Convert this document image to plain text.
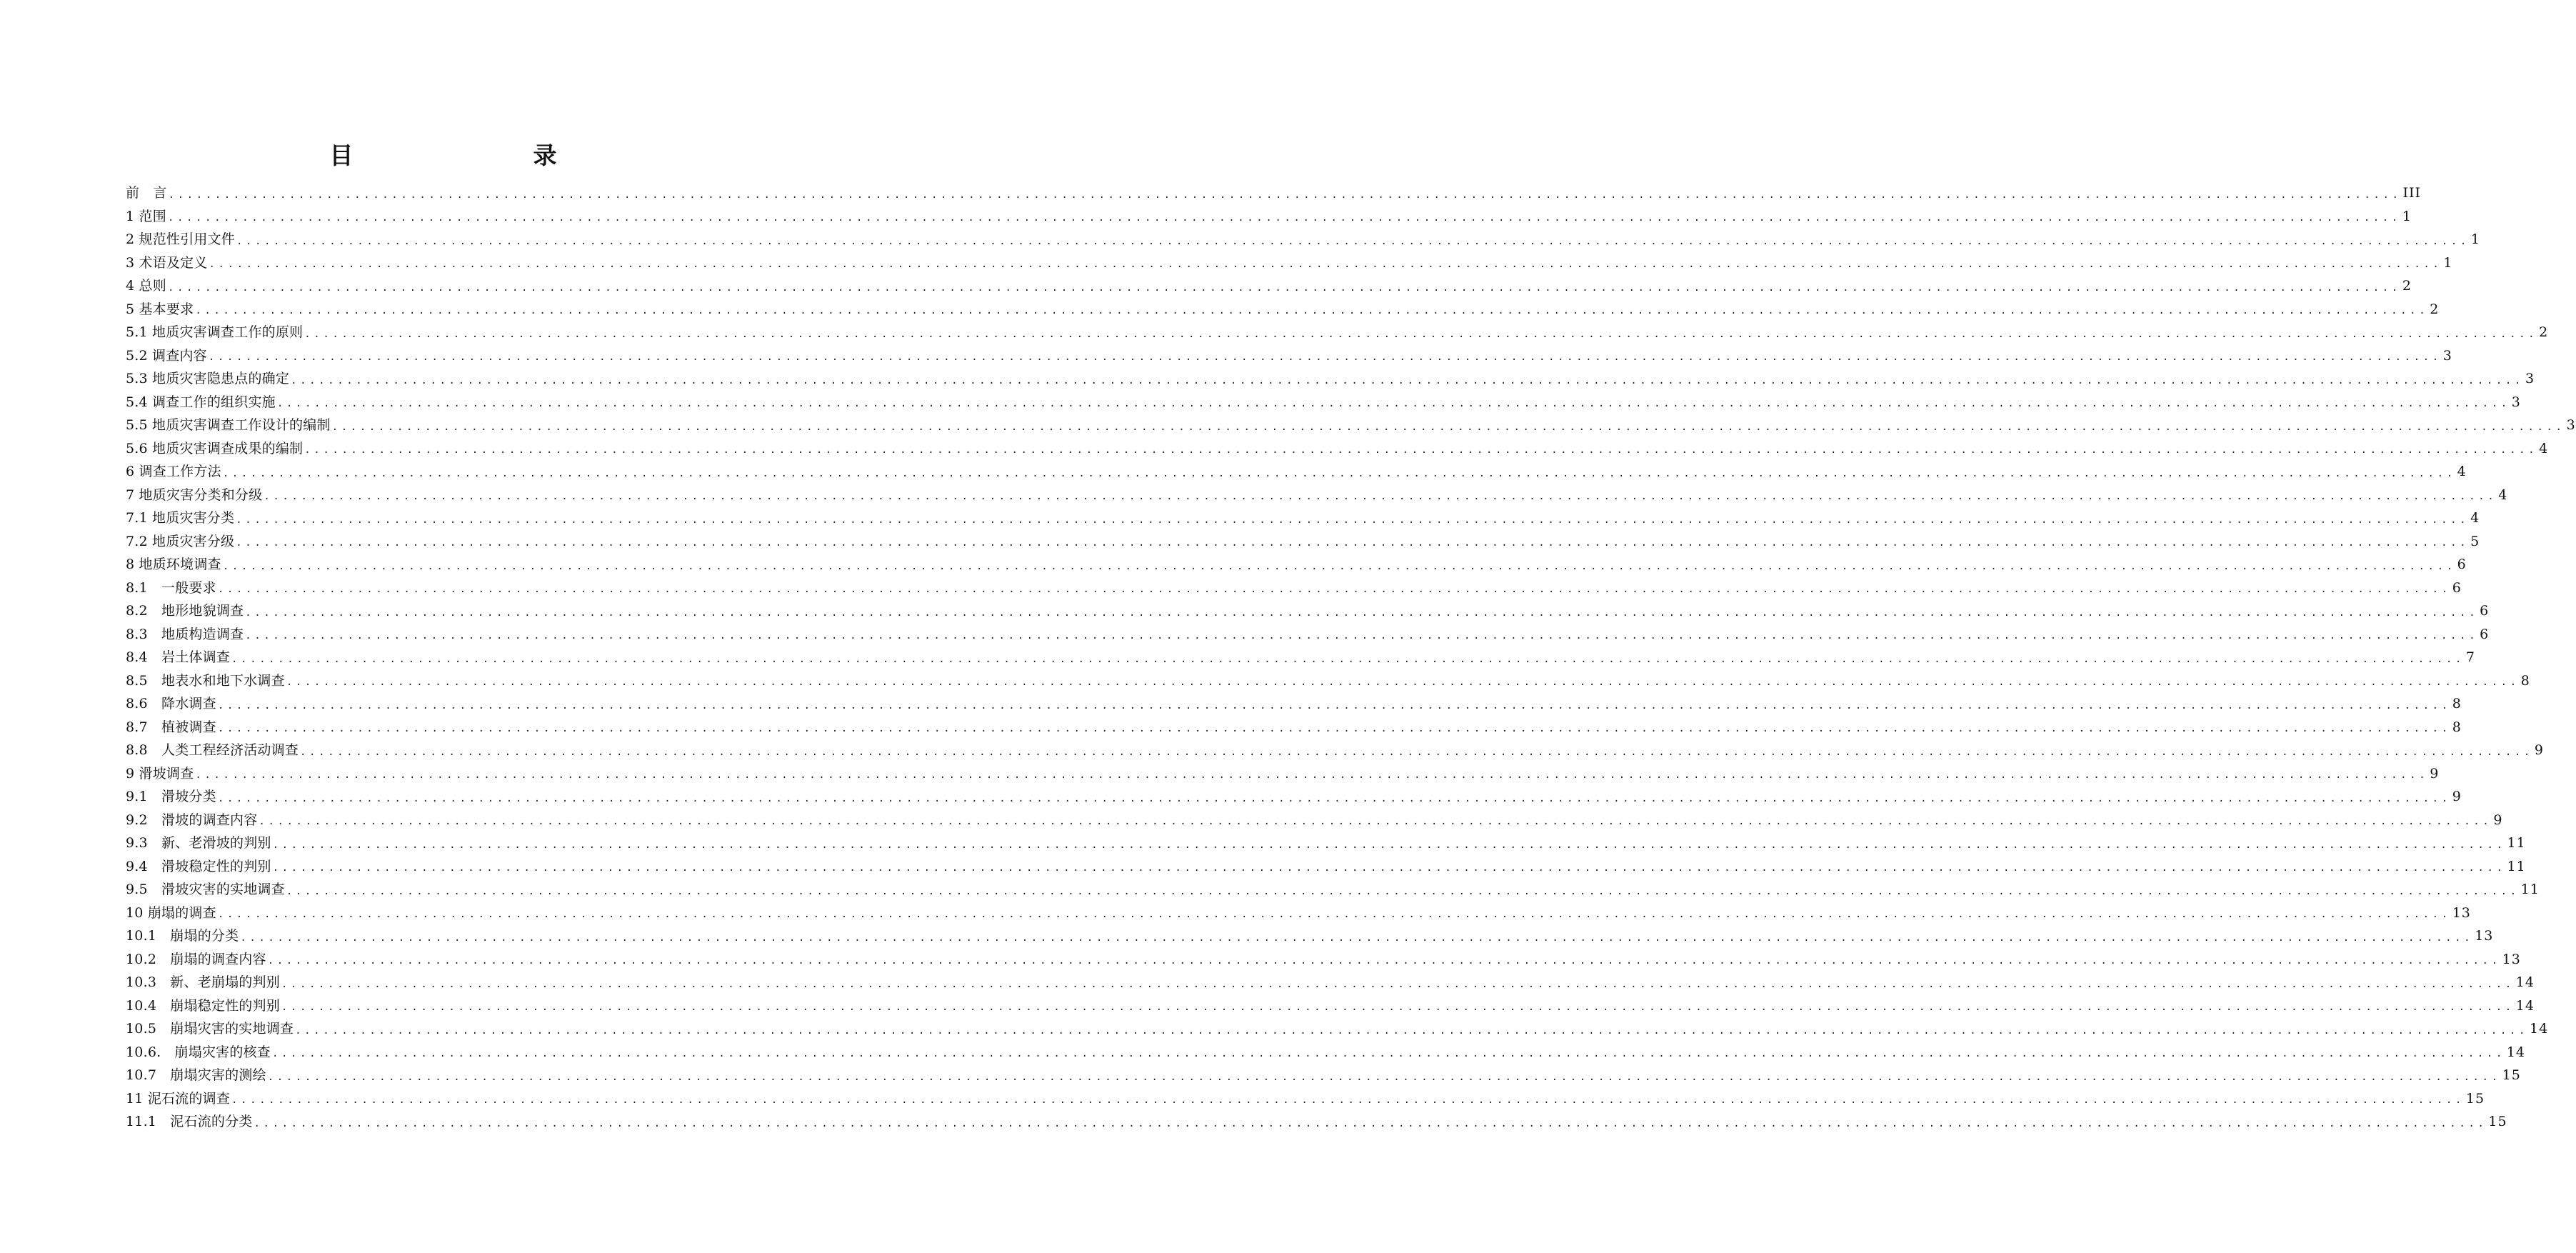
目　　录
前　言 ................................................................................................................................................................................................................................................ III
1 范围 ................................................................................................................................................................................................................................................ 1
2 规范性引用文件 ................................................................................................................................................................................................................................................ 1
3 术语及定义 ................................................................................................................................................................................................................................................ 1
4 总则 ................................................................................................................................................................................................................................................ 2
5 基本要求 ................................................................................................................................................................................................................................................ 2
5.1 地质灾害调查工作的原则 ................................................................................................................................................................................................................................................ 2
5.2 调查内容 ................................................................................................................................................................................................................................................ 3
5.3 地质灾害隐患点的确定 ................................................................................................................................................................................................................................................ 3
5.4 调查工作的组织实施 ................................................................................................................................................................................................................................................ 3
5.5 地质灾害调查工作设计的编制 ................................................................................................................................................................................................................................................ 3
5.6 地质灾害调查成果的编制 ................................................................................................................................................................................................................................................ 4
6 调查工作方法 ................................................................................................................................................................................................................................................ 4
7 地质灾害分类和分级 ................................................................................................................................................................................................................................................ 4
7.1 地质灾害分类 ................................................................................................................................................................................................................................................ 4
7.2 地质灾害分级 ................................................................................................................................................................................................................................................ 5
8 地质环境调查 ................................................................................................................................................................................................................................................ 6
8.1　一般要求 ................................................................................................................................................................................................................................................ 6
8.2　地形地貌调查 ................................................................................................................................................................................................................................................ 6
8.3　地质构造调查 ................................................................................................................................................................................................................................................ 6
8.4　岩土体调查 ................................................................................................................................................................................................................................................ 7
8.5　地表水和地下水调查 ................................................................................................................................................................................................................................................ 8
8.6　降水调查 ................................................................................................................................................................................................................................................ 8
8.7　植被调查 ................................................................................................................................................................................................................................................ 8
8.8　人类工程经济活动调查 ................................................................................................................................................................................................................................................ 9
9 滑坡调查 ................................................................................................................................................................................................................................................ 9
9.1　滑坡分类 ................................................................................................................................................................................................................................................ 9
9.2　滑坡的调查内容 ................................................................................................................................................................................................................................................ 9
9.3　新、老滑坡的判别 ................................................................................................................................................................................................................................................ 11
9.4　滑坡稳定性的判别 ................................................................................................................................................................................................................................................ 11
9.5　滑坡灾害的实地调查 ................................................................................................................................................................................................................................................ 11
10 崩塌的调查 ................................................................................................................................................................................................................................................ 13
10.1　崩塌的分类 ................................................................................................................................................................................................................................................ 13
10.2　崩塌的调查内容 ................................................................................................................................................................................................................................................ 13
10.3　新、老崩塌的判别 ................................................................................................................................................................................................................................................ 14
10.4　崩塌稳定性的判别 ................................................................................................................................................................................................................................................ 14
10.5　崩塌灾害的实地调查 ................................................................................................................................................................................................................................................ 14
10.6.　崩塌灾害的核查 ................................................................................................................................................................................................................................................ 14
10.7　崩塌灾害的测绘 ................................................................................................................................................................................................................................................ 15
11 泥石流的调查 ................................................................................................................................................................................................................................................ 15
11.1　泥石流的分类 ................................................................................................................................................................................................................................................ 15
